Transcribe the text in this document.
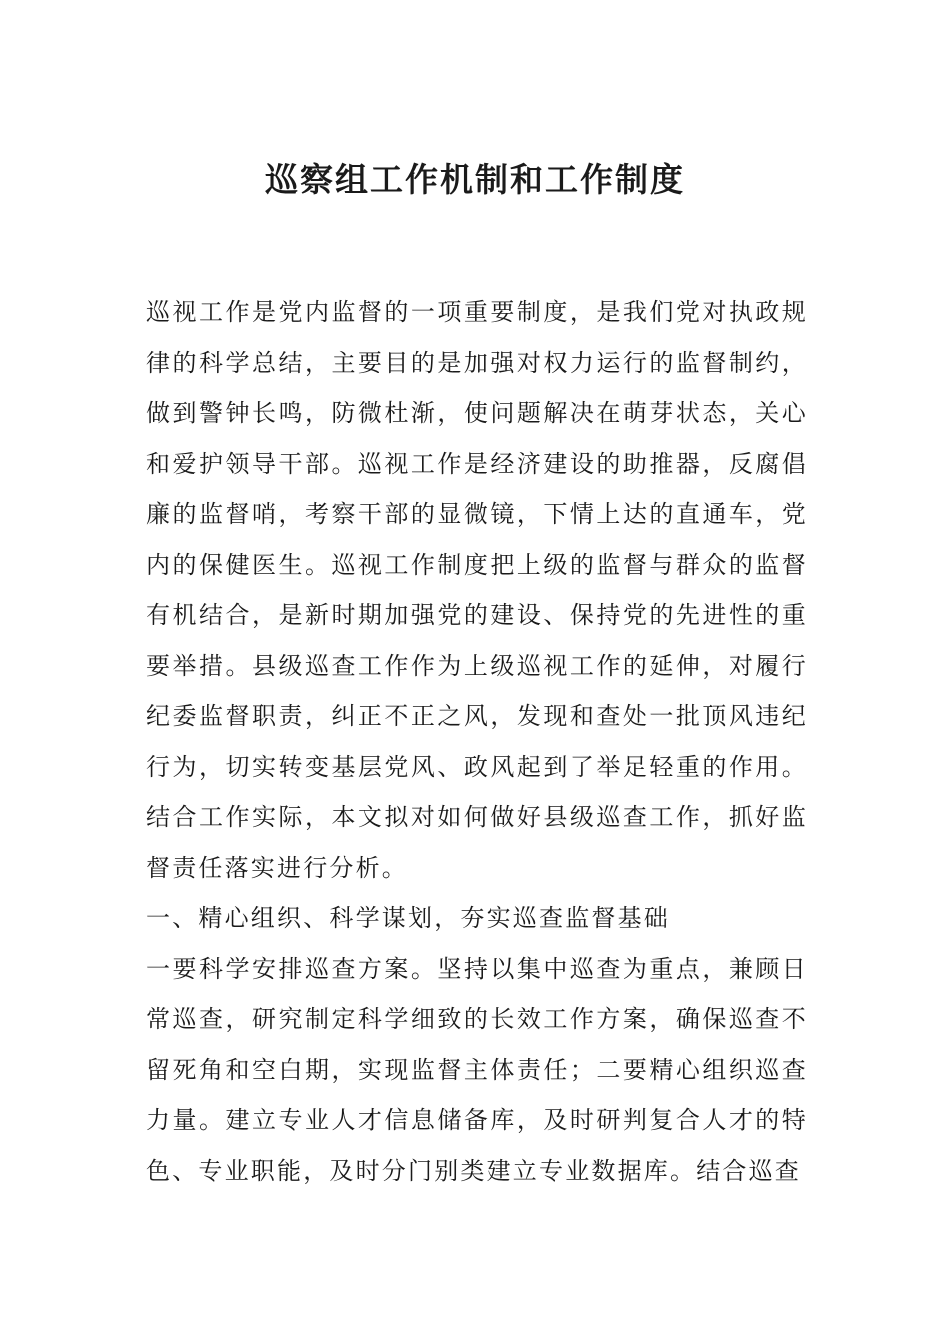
巡察组工作机制和工作制度

巡视工作是党内监督的一项重要制度，是我们党对执政规律的科学总结，主要目的是加强对权力运行的监督制约，做到警钟长鸣，防微杜渐，使问题解决在萌芽状态，关心和爱护领导干部。巡视工作是经济建设的助推器，反腐倡廉的监督哨，考察干部的显微镜，下情上达的直通车，党内的保健医生。巡视工作制度把上级的监督与群众的监督有机结合，是新时期加强党的建设、保持党的先进性的重要举措。县级巡查工作作为上级巡视工作的延伸，对履行纪委监督职责，纠正不正之风，发现和查处一批顶风违纪行为，切实转变基层党风、政风起到了举足轻重的作用。结合工作实际，本文拟对如何做好县级巡查工作，抓好监督责任落实进行分析。

一、精心组织、科学谋划，夯实巡查监督基础

一要科学安排巡查方案。坚持以集中巡查为重点，兼顾日常巡查，研究制定科学细致的长效工作方案，确保巡查不留死角和空白期，实现监督主体责任；二要精心组织巡查力量。建立专业人才信息储备库，及时研判复合人才的特色、专业职能，及时分门别类建立专业数据库。结合巡查
